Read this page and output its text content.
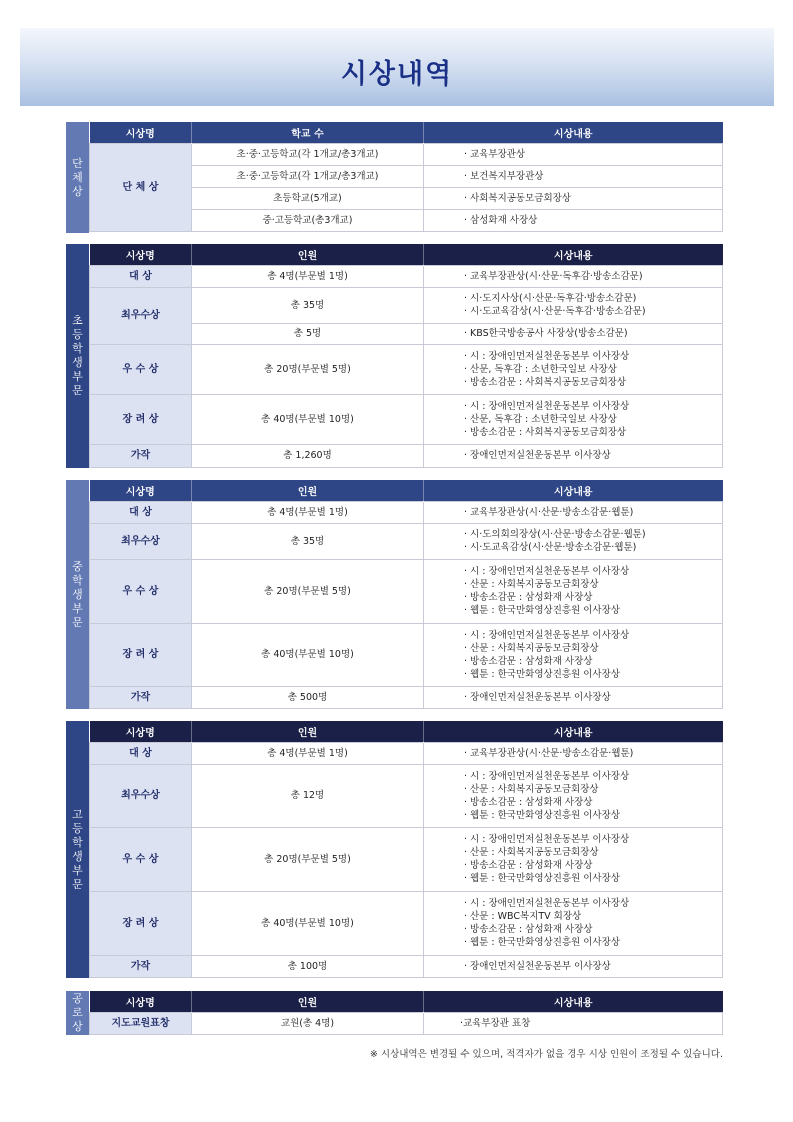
시상내역
단
체
상
시상명	학교 수	시상내용
단 체 상	초·중·고등학교(각 1개교/총3개교)	· 교육부장관상

	초·중·고등학교(각 1개교/총3개교)	· 보건복지부장관상

	초등학교(5개교)	· 사회복지공동모금회장상

	중·고등학교(총3개교)	· 삼성화재 사장상
초
등
학
생
부
문
시상명	인원	시상내용
대 상	총 4명(부문별 1명)	· 교육부장관상(시·산문·독후감·방송소감문)

최우수상	총 35명	· 시·도지사상(시·산문·독후감·방송소감문)
· 시·도교육감상(시·산문·독후감·방송소감문)

	총 5명	· KBS한국방송공사 사장상(방송소감문)

우 수 상	총 20명(부문별 5명)	· 시 : 장애인먼저실천운동본부 이사장상
· 산문, 독후감 : 소년한국일보 사장상
· 방송소감문 : 사회복지공동모금회장상

장 려 상	총 40명(부문별 10명)	· 시 : 장애인먼저실천운동본부 이사장상
· 산문, 독후감 : 소년한국일보 사장상
· 방송소감문 : 사회복지공동모금회장상

가작	총 1,260명	· 장애인먼저실천운동본부 이사장상
중
학
생
부
문
시상명	인원	시상내용
대 상	총 4명(부문별 1명)	· 교육부장관상(시·산문·방송소감문·웹툰)

최우수상	총 35명	· 시·도의회의장상(시·산문·방송소감문·웹툰)
· 시·도교육감상(시·산문·방송소감문·웹툰)

우 수 상	총 20명(부문별 5명)	· 시 : 장애인먼저실천운동본부 이사장상
· 산문 : 사회복지공동모금회장상
· 방송소감문 : 삼성화재 사장상
· 웹툰 : 한국만화영상진흥원 이사장상

장 려 상	총 40명(부문별 10명)	· 시 : 장애인먼저실천운동본부 이사장상
· 산문 : 사회복지공동모금회장상
· 방송소감문 : 삼성화재 사장상
· 웹툰 : 한국만화영상진흥원 이사장상

가작	총 500명	· 장애인먼저실천운동본부 이사장상
고
등
학
생
부
문
시상명	인원	시상내용
대 상	총 4명(부문별 1명)	· 교육부장관상(시·산문·방송소감문·웹툰)

최우수상	총 12명	· 시 : 장애인먼저실천운동본부 이사장상
· 산문 : 사회복지공동모금회장상
· 방송소감문 : 삼성화재 사장상
· 웹툰 : 한국만화영상진흥원 이사장상

우 수 상	총 20명(부문별 5명)	· 시 : 장애인먼저실천운동본부 이사장상
· 산문 : 사회복지공동모금회장상
· 방송소감문 : 삼성화재 사장상
· 웹툰 : 한국만화영상진흥원 이사장상

장 려 상	총 40명(부문별 10명)	· 시 : 장애인먼저실천운동본부 이사장상
· 산문 : WBC복지TV 회장상
· 방송소감문 : 삼성화재 사장상
· 웹툰 : 한국만화영상진흥원 이사장상

가작	총 100명	· 장애인먼저실천운동본부 이사장상
공
로
상
시상명	인원	시상내용
지도교원표창	교원(총 4명)	·교육부장관 표창
※ 시상내역은 변경될 수 있으며, 적격자가 없을 경우 시상 인원이 조정될 수 있습니다.
